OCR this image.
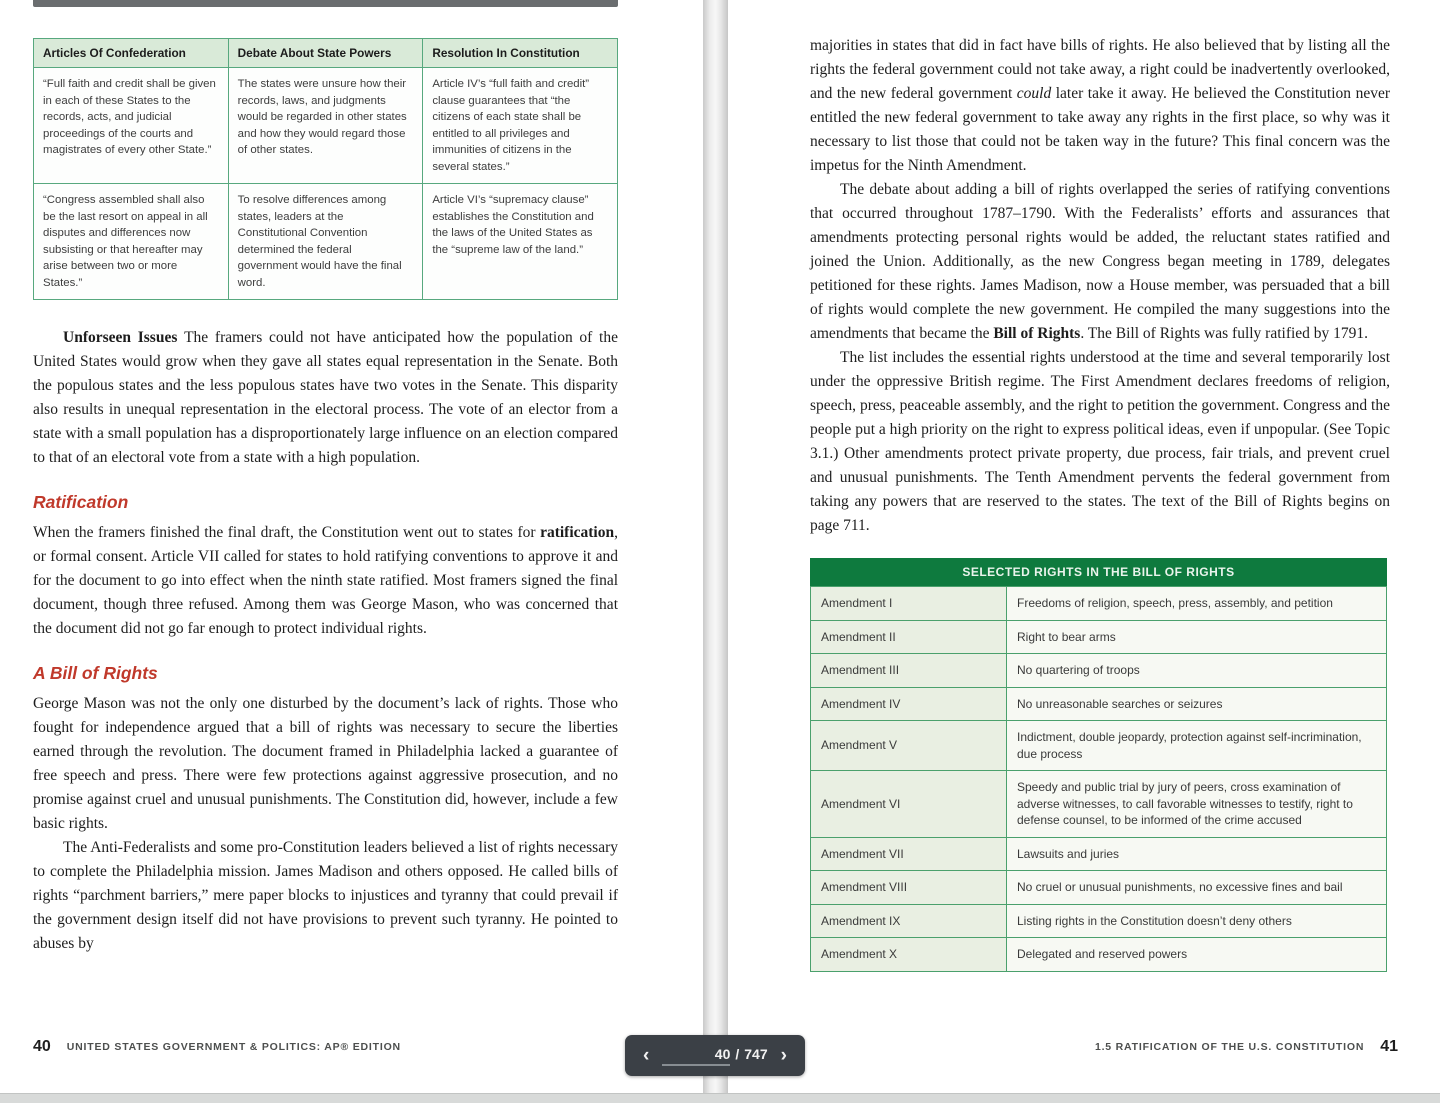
Articles Of Confederation	Debate About State Powers	Resolution In Constitution
“Full faith and credit shall be given in each of these States to the records, acts, and judicial proceedings of the courts and magistrates of every other State.”	The states were unsure how their records, laws, and judgments would be regarded in other states and how they would regard those of other states.	Article IV’s “full faith and credit” clause guarantees that “the citizens of each state shall be entitled to all privileges and immunities of citizens in the several states.”
“Congress assembled shall also be the last resort on appeal in all disputes and differences now subsisting or that hereafter may arise between two or more States.”	To resolve differences among states, leaders at the Constitutional Convention determined the federal government would have the final word.	Article VI’s “supremacy clause” establishes the Constitution and the laws of the United States as the “supreme law of the land.”

Unforseen Issues The framers could not have anticipated how the population of the United States would grow when they gave all states equal representation in the Senate. Both the populous states and the less populous states have two votes in the Senate. This disparity also results in unequal representation in the electoral process. The vote of an elector from a state with a small population has a disproportionately large influence on an election compared to that of an electoral vote from a state with a high population.

Ratification

When the framers finished the final draft, the Constitution went out to states for ratification, or formal consent. Article VII called for states to hold ratifying conventions to approve it and for the document to go into effect when the ninth state ratified. Most framers signed the final document, though three refused. Among them was George Mason, who was concerned that the document did not go far enough to protect individual rights.

A Bill of Rights

George Mason was not the only one disturbed by the document’s lack of rights. Those who fought for independence argued that a bill of rights was necessary to secure the liberties earned through the revolution. The document framed in Philadelphia lacked a guarantee of free speech and press. There were few protections against aggressive prosecution, and no promise against cruel and unusual punishments. The Constitution did, however, include a few basic rights.

The Anti-Federalists and some pro-Constitution leaders believed a list of rights necessary to complete the Philadelphia mission. James Madison and others opposed. He called bills of rights “parchment barriers,” mere paper blocks to injustices and tyranny that could prevail if the government design itself did not have provisions to prevent such tyranny. He pointed to abuses by

40 UNITED STATES GOVERNMENT & POLITICS: AP® EDITION

majorities in states that did in fact have bills of rights. He also believed that by listing all the rights the federal government could not take away, a right could be inadvertently overlooked, and the new federal government could later take it away. He believed the Constitution never entitled the new federal government to take away any rights in the first place, so why was it necessary to list those that could not be taken way in the future? This final concern was the impetus for the Ninth Amendment.

The debate about adding a bill of rights overlapped the series of ratifying conventions that occurred throughout 1787–1790. With the Federalists’ efforts and assurances that amendments protecting personal rights would be added, the reluctant states ratified and joined the Union. Additionally, as the new Congress began meeting in 1789, delegates petitioned for these rights. James Madison, now a House member, was persuaded that a bill of rights would complete the new government. He compiled the many suggestions into the amendments that became the Bill of Rights. The Bill of Rights was fully ratified by 1791.

The list includes the essential rights understood at the time and several temporarily lost under the oppressive British regime. The First Amendment declares freedoms of religion, speech, press, peaceable assembly, and the right to petition the government. Congress and the people put a high priority on the right to express political ideas, even if unpopular. (See Topic 3.1.) Other amendments protect private property, due process, fair trials, and prevent cruel and unusual punishments. The Tenth Amendment pervents the federal government from taking any powers that are reserved to the states. The text of the Bill of Rights begins on page 711.

SELECTED RIGHTS IN THE BILL OF RIGHTS
Amendment I	Freedoms of religion, speech, press, assembly, and petition
Amendment II	Right to bear arms
Amendment III	No quartering of troops
Amendment IV	No unreasonable searches or seizures
Amendment V	Indictment, double jeopardy, protection against self-incrimination, due process
Amendment VI	Speedy and public trial by jury of peers, cross examination of adverse witnesses, to call favorable witnesses to testify, right to defense counsel, to be informed of the crime accused
Amendment VII	Lawsuits and juries
Amendment VIII	No cruel or unusual punishments, no excessive fines and bail
Amendment IX	Listing rights in the Constitution doesn’t deny others
Amendment X	Delegated and reserved powers
1.5 RATIFICATION OF THE U.S. CONSTITUTION 41
‹	40 / 747 ›
